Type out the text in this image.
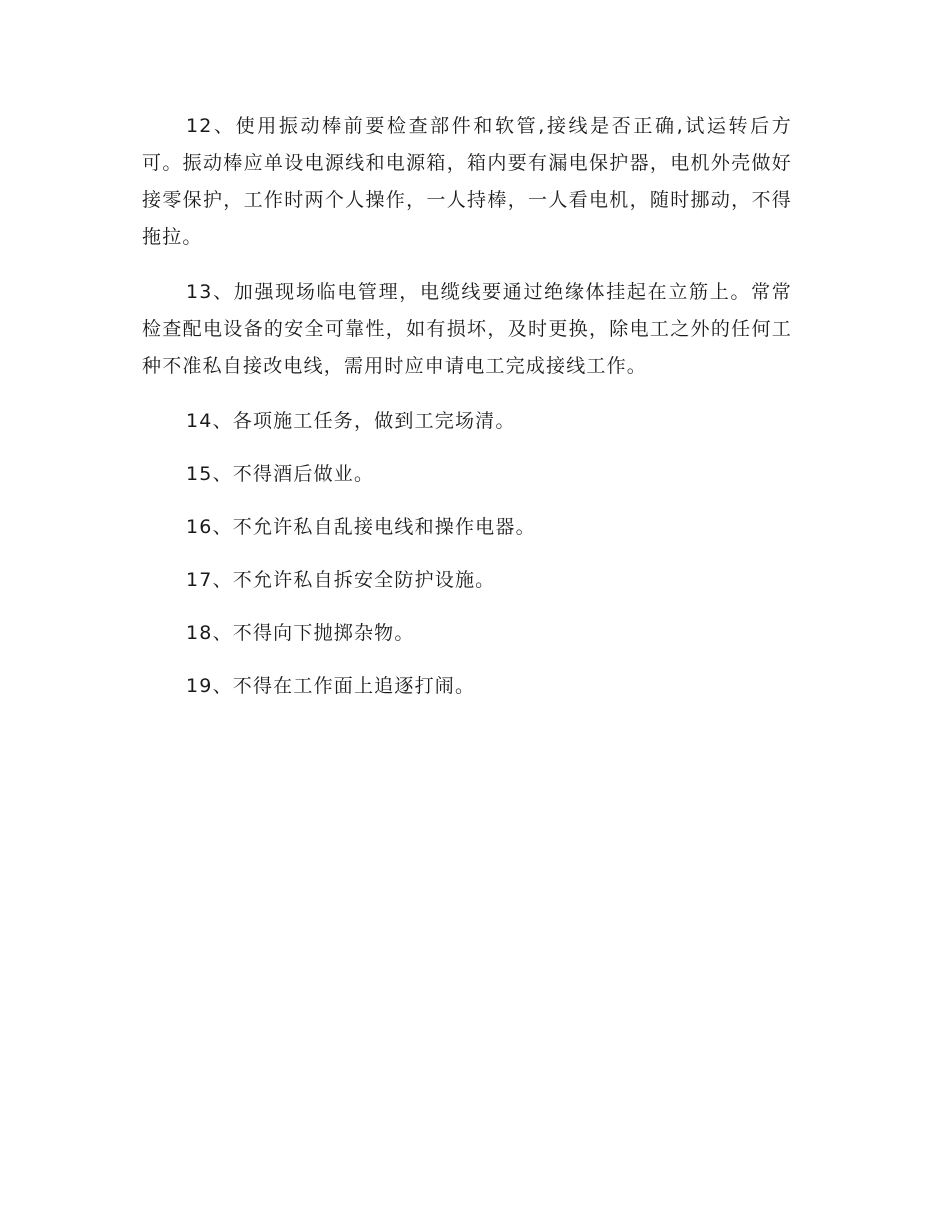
12、使用振动棒前要检查部件和软管,接线是否正确,试运转后方可。振动棒应单设电源线和电源箱，箱内要有漏电保护器，电机外壳做好接零保护，工作时两个人操作，一人持棒，一人看电机，随时挪动，不得拖拉。

13、加强现场临电管理，电缆线要通过绝缘体挂起在立筋上。常常检查配电设备的安全可靠性，如有损坏，及时更换，除电工之外的任何工种不准私自接改电线，需用时应申请电工完成接线工作。

14、各项施工任务，做到工完场清。

15、不得酒后做业。

16、不允许私自乱接电线和操作电器。

17、不允许私自拆安全防护设施。

18、不得向下抛掷杂物。

19、不得在工作面上追逐打闹。
